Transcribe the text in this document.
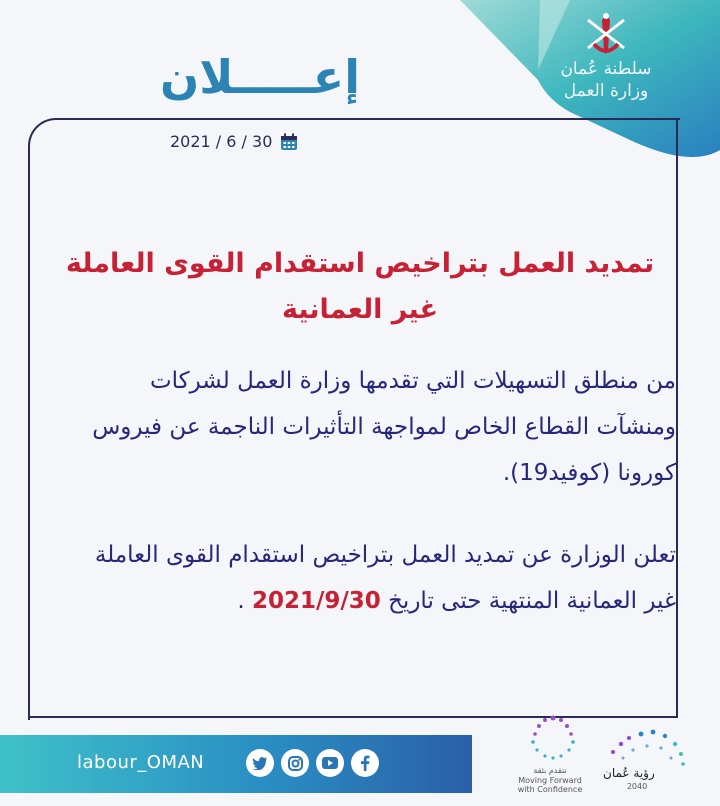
سلطنة عُمان
وزارة العمل
إعـــــلان
2021 / 6 / 30
تمديد العمل بتراخيص استقدام القوى العاملة
غير العمانية
من منطلق التسهيلات التي تقدمها وزارة العمل لشركات
ومنشآت القطاع الخاص لمواجهة التأثيرات الناجمة عن فيروس
كورونا (كوفيد19).
تعلن الوزارة عن تمديد العمل بتراخيص استقدام القوى العاملة
غير العمانية المنتهية حتى تاريخ 2021/9/30 .
labour_OMAN	نتقدم بثقة
Moving Forward with Confidence
رؤية عُمان
2040
